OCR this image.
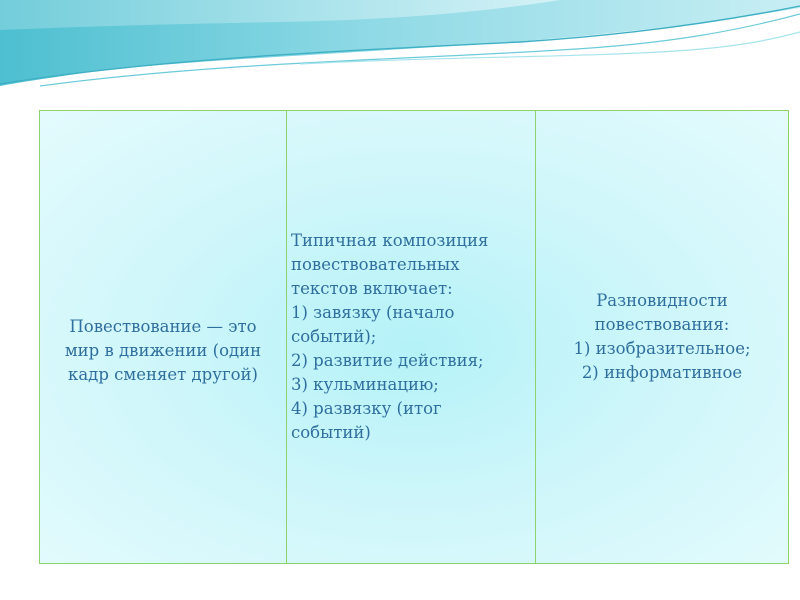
Повествование — это
мир в движении (один
кадр сменяет другой)

Типичная композиция
повествовательных
текстов включает:
1) завязку (начало
событий);
2) развитие действия;
3) кульминацию;
4) развязку (итог
событий)

Разновидности
повествования:
1) изобразительное;
2) информативное
